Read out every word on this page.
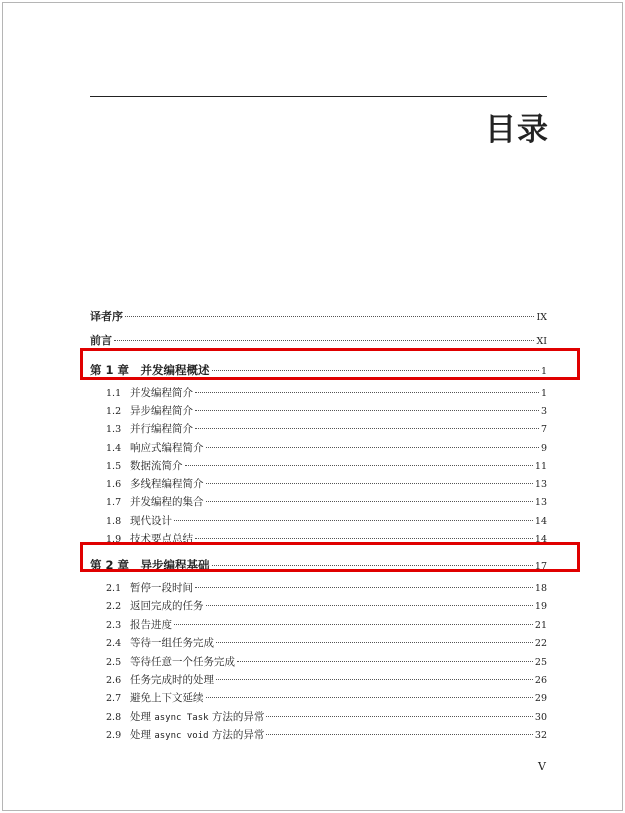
目录
译者序	IX
前言	XI
第 1 章　并发编程概述	1
1.1 并发编程简介	1
1.2 异步编程简介	3
1.3 并行编程简介	7
1.4 响应式编程简介	9
1.5 数据流简介	11
1.6 多线程编程简介	13
1.7 并发编程的集合	13
1.8 现代设计	14
1.9 技术要点总结	14
第 2 章　异步编程基础	17
2.1 暂停一段时间	18
2.2 返回完成的任务	19
2.3 报告进度	21
2.4 等待一组任务完成	22
2.5 等待任意一个任务完成	25
2.6 任务完成时的处理	26
2.7 避免上下文延续	29
2.8 处理 async Task 方法的异常	30
2.9 处理 async void 方法的异常	32
V
